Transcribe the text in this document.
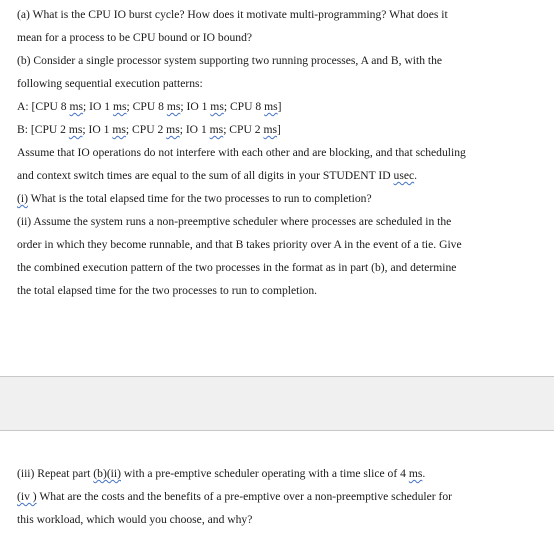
(a) What is the CPU IO burst cycle? How does it motivate multi-programming? What does it
mean for a process to be CPU bound or IO bound?
(b) Consider a single processor system supporting two running processes, A and B, with the
following sequential execution patterns:
A: [CPU 8 ms; IO 1 ms; CPU 8 ms; IO 1 ms; CPU 8 ms]
B: [CPU 2 ms; IO 1 ms; CPU 2 ms; IO 1 ms; CPU 2 ms]
Assume that IO operations do not interfere with each other and are blocking, and that scheduling
and context switch times are equal to the sum of all digits in your STUDENT ID usec.
(i) What is the total elapsed time for the two processes to run to completion?
(ii) Assume the system runs a non-preemptive scheduler where processes are scheduled in the
order in which they become runnable, and that B takes priority over A in the event of a tie. Give
the combined execution pattern of the two processes in the format as in part (b), and determine
the total elapsed time for the two processes to run to completion.
(iii) Repeat part (b)(ii) with a pre-emptive scheduler operating with a time slice of 4 ms.
(iv ) What are the costs and the benefits of a pre-emptive over a non-preemptive scheduler for
this workload, which would you choose, and why?
